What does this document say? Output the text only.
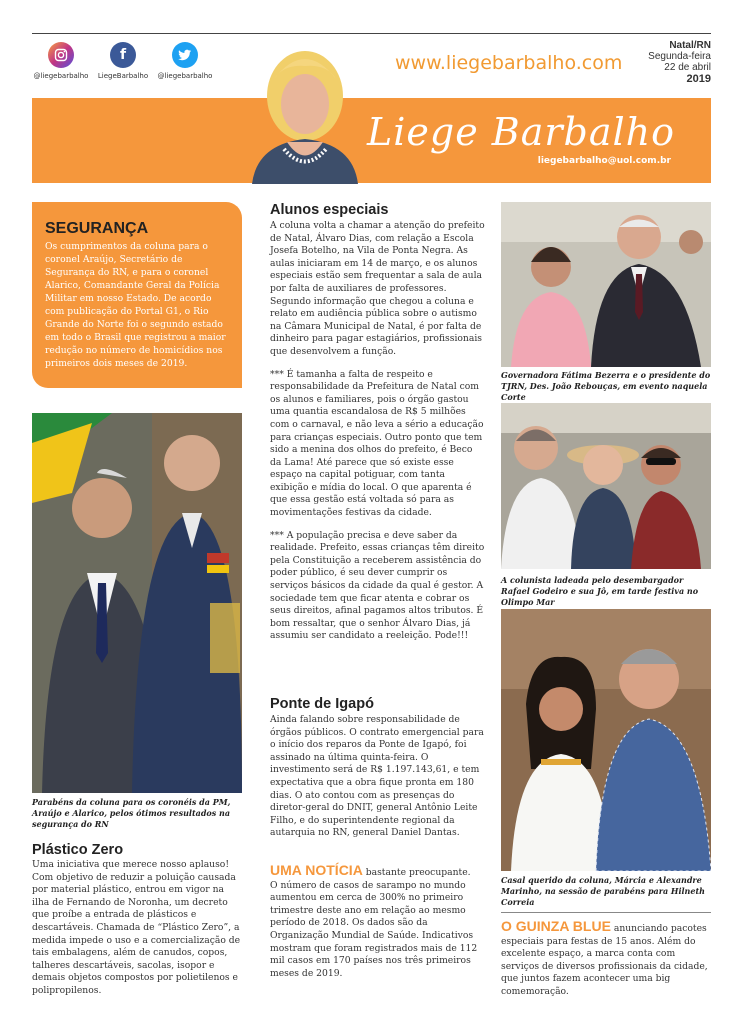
@liegebarbalho
f
LiegeBarbalho	@liegebarbalho
www.liegebarbalho.com
Natal/RN
Segunda-feira
22 de abril
2019
Liege Barbalho
liegebarbalho@uol.com.br
SEGURANÇA
Os cumprimentos da coluna para o coronel Araújo, Secretário de Segurança do RN, e para o coronel Alarico, Comandante Geral da Polícia Militar em nosso Estado. De acordo com publicação do Portal G1, o Rio Grande do Norte foi o segundo estado em todo o Brasil que registrou a maior redução no número de homicídios nos primeiros dois meses de 2019.
Parabéns da coluna para os coronéis da PM, Araújo e Alarico, pelos ótimos resultados na segurança do RN
Plástico Zero
Uma iniciativa que merece nosso aplauso! Com objetivo de reduzir a poluição causada por material plástico, entrou em vigor na ilha de Fernando de Noronha, um decreto que proíbe a entrada de plásticos e descartáveis. Chamada de “Plástico Zero”, a medida impede o uso e a comercialização de tais embalagens, além de canudos, copos, talheres descartáveis, sacolas, isopor e demais objetos compostos por polietilenos e polipropilenos.
Alunos especiais
A coluna volta a chamar a atenção do prefeito de Natal, Álvaro Dias, com relação a Escola Josefa Botelho, na Vila de Ponta Negra. As aulas iniciaram em 14 de março, e os alunos especiais estão sem frequentar a sala de aula por falta de auxiliares de professores. Segundo informação que chegou a coluna e relato em audiência pública sobre o autismo na Câmara Municipal de Natal, é por falta de dinheiro para pagar estagiários, profissionais que desenvolvem a função.
*** É tamanha a falta de respeito e responsabilidade da Prefeitura de Natal com os alunos e familiares, pois o órgão gastou uma quantia escandalosa de R$ 5 milhões com o carnaval, e não leva a sério a educação para crianças especiais. Outro ponto que tem sido a menina dos olhos do prefeito, é Beco da Lama! Até parece que só existe esse espaço na capital potiguar, com tanta exibição e mídia do local. O que aparenta é que essa gestão está voltada só para as movimentações festivas da cidade.
*** A população precisa e deve saber da realidade. Prefeito, essas crianças têm direito pela Constituição a receberem assistência do poder público, é seu dever cumprir os serviços básicos da cidade da qual é gestor. A sociedade tem que ficar atenta e cobrar os seus direitos, afinal pagamos altos tributos. É bom ressaltar, que o senhor Álvaro Dias, já assumiu ser candidato a reeleição. Pode!!!
Ponte de Igapó
Ainda falando sobre responsabilidade de órgãos públicos. O contrato emergencial para o início dos reparos da Ponte de Igapó, foi assinado na última quinta-feira. O investimento será de R$ 1.197.143,61, e tem expectativa que a obra fique pronta em 180 dias. O ato contou com as presenças do diretor-geral do DNIT, general Antônio Leite Filho, e do superintendente regional da autarquia no RN, general Daniel Dantas.
UMA NOTÍCIA bastante preocupante.
O número de casos de sarampo no mundo aumentou em cerca de 300% no primeiro trimestre deste ano em relação ao mesmo período de 2018. Os dados são da Organização Mundial de Saúde. Indicativos mostram que foram registrados mais de 112 mil casos em 170 países nos três primeiros meses de 2019.
Governadora Fátima Bezerra e o presidente do TJRN, Des. João Rebouças, em evento naquela Corte
A colunista ladeada pelo desembargador Rafael Godeiro e sua Jô, em tarde festiva no Olimpo Mar
Casal querido da coluna, Márcia e Alexandre Marinho, na sessão de parabéns para Hilneth Correia
O GUINZA BLUE anunciando pacotes especiais para festas de 15 anos. Além do excelente espaço, a marca conta com serviços de diversos profissionais da cidade, que juntos fazem acontecer uma big comemoração.
